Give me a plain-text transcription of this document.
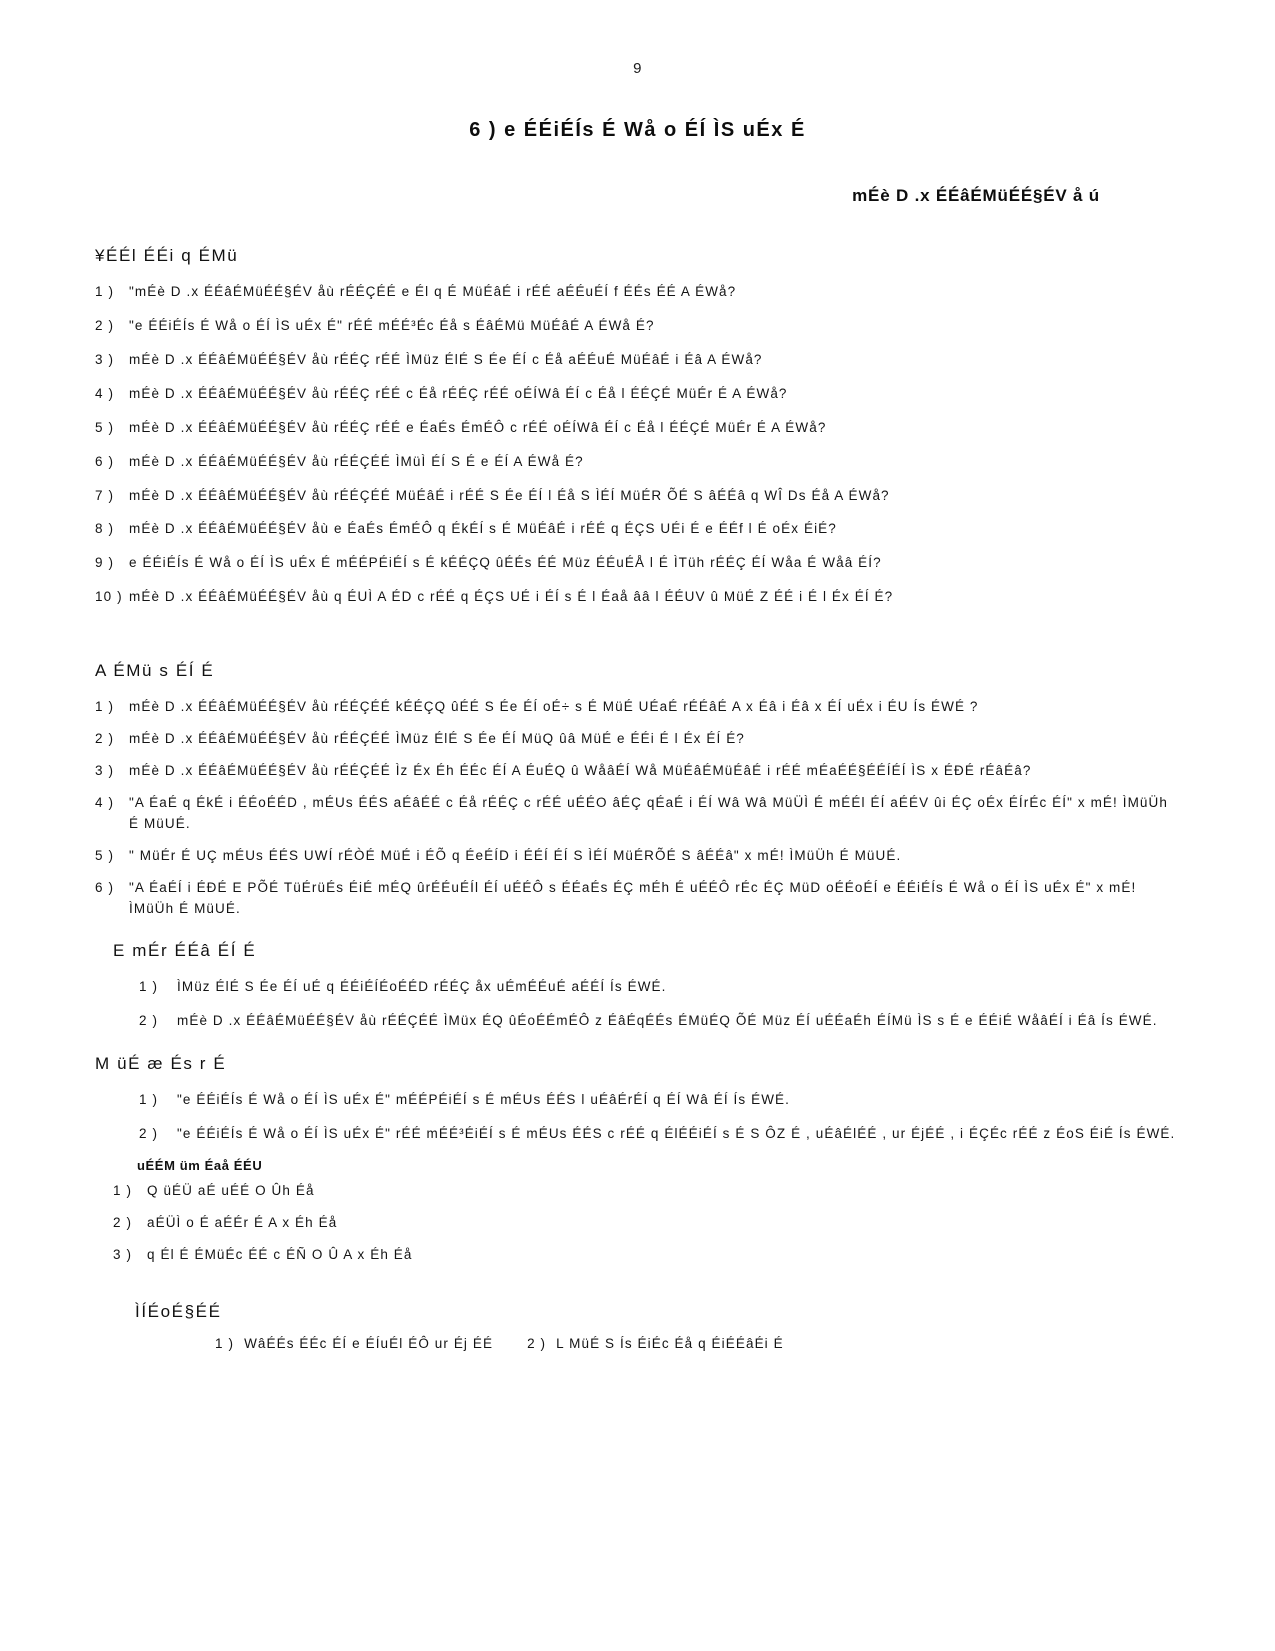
9
6 ) e ÉÉiÉÍs É Wå o ÉÍ ÌS uÉx É
mÉè D .x ÉÉâÉMüÉÉ§ÉV å ú
¥ÉÉl ÉÉi q ÉMü
1 )	"mÉè D .x ÉÉâÉMüÉÉ§ÉV åù rÉÉÇÉÉ e Él q É MüÉâÉ i rÉÉ aÉÉuÉÍ f ÉÉs ÉÉ A ÉWå?
2 )	"e ÉÉiÉÍs É Wå o ÉÍ ÌS uÉx É" rÉÉ mÉÉ³Éc Éå s ÉâÉMü MüÉâÉ A ÉWå É?
3 )	mÉè D .x ÉÉâÉMüÉÉ§ÉV åù rÉÉÇ rÉÉ ÌMüz ÉlÉ S Ée ÉÍ c Éå aÉÉuÉ MüÉâÉ i Éâ A ÉWå?
4 )	mÉè D .x ÉÉâÉMüÉÉ§ÉV åù rÉÉÇ rÉÉ c Éå rÉÉÇ rÉÉ oÉÍWâ ÉÍ c Éå l ÉÉÇÉ MüÉr É A ÉWå?
5 )	mÉè D .x ÉÉâÉMüÉÉ§ÉV åù rÉÉÇ rÉÉ e ÉaÉs ÉmÉÔ c rÉÉ oÉÍWâ ÉÍ c Éå l ÉÉÇÉ MüÉr É A ÉWå?
6 )	mÉè D .x ÉÉâÉMüÉÉ§ÉV åù rÉÉÇÉÉ ÌMüÌ ÉÍ S É e ÉÍ A ÉWå É?
7 )	mÉè D .x ÉÉâÉMüÉÉ§ÉV åù rÉÉÇÉÉ MüÉâÉ i rÉÉ S Ée ÉÍ l Éå S ÌÉÍ MüÉR ÕÉ S âÉÉâ q WÎ Ds Éå A ÉWå?
8 )	mÉè D .x ÉÉâÉMüÉÉ§ÉV åù e ÉaÉs ÉmÉÔ q ÉkÉÍ s É MüÉâÉ i rÉÉ q ÉÇS UÉi É e ÉÉf l É oÉx ÉiÉ?
9 )	e ÉÉiÉÍs É Wå o ÉÍ ÌS uÉx É mÉÉPÉiÉÍ s É kÉÉÇQ ûÉÉs ÉÉ Müz ÉÉuÉÅ l É ÌTüh rÉÉÇ ÉÍ Wåa É Wåâ ÉÍ?
10 ) mÉè D .x ÉÉâÉMüÉÉ§ÉV åù q ÉUÌ A ÉD c rÉÉ q ÉÇS UÉ i ÉÍ s É l Éaå ââ l ÉÉUV û MüÉ Z ÉÉ i É l Éx ÉÍ É?
A ÉMü s ÉÍ É
1 )	mÉè D .x ÉÉâÉMüÉÉ§ÉV åù rÉÉÇÉÉ kÉÉÇQ ûÉÉ S Ée ÉÍ oÉ÷ s É MüÉ UÉaÉ rÉÉâÉ A x Éâ i Éâ x ÉÍ uÉx i ÉU Ís ÉWÉ ?
2 )	mÉè D .x ÉÉâÉMüÉÉ§ÉV åù rÉÉÇÉÉ ÌMüz ÉlÉ S Ée ÉÍ MüQ ûâ MüÉ e ÉÉi É l Éx ÉÍ É?
3 )	mÉè D .x ÉÉâÉMüÉÉ§ÉV åù rÉÉÇÉÉ Ìz Éx Éh ÉÉc ÉÍ A ÉuÉQ û WåâÉÍ Wå MüÉâÉMüÉâÉ i rÉÉ mÉaÉÉ§ÉÉÍÉÍ ÌS x ÉÐÉ rÉâÉâ?
4 )	"A ÉaÉ q ÉkÉ i ÉÉoÉÉD , mÉUs ÉÉS aÉâÉÉ c Éå rÉÉÇ c rÉÉ uÉÉO âÉÇ qÉaÉ i ÉÍ Wâ Wâ MüÜÌ É mÉÉl ÉÍ aÉÉV ûi ÉÇ oÉx ÉÍrÉc ÉÍ" x mÉ! ÌMüÜh É MüUÉ.
5 )	" MüÉr É UÇ mÉUs ÉÉS UWÍ rÉÒÉ MüÉ i ÉÕ q ÉeÉÍD i ÉÉÍ ÉÍ S ÌÉÍ MüÉRÕÉ S âÉÉâ" x mÉ! ÌMüÜh É MüUÉ.
6 )	"A ÉaÉÍ i ÉÐÉ E PÕÉ TüÉrüÉs ÉiÉ mÉQ ûrÉÉuÉÍl ÉÍ uÉÉÔ s ÉÉaÉs ÉÇ mÉh É uÉÉÔ rÉc ÉÇ MüD oÉÉoÉÍ e ÉÉiÉÍs É Wå o ÉÍ ÌS uÉx É" x mÉ! ÌMüÜh É MüUÉ.
E mÉr ÉÉâ ÉÍ É
1 )	ÌMüz ÉlÉ S Ée ÉÍ uÉ q ÉÉiÉÍÉoÉÉD rÉÉÇ åx uÉmÉÉuÉ aÉÉÍ Ís ÉWÉ.
2 )	mÉè D .x ÉÉâÉMüÉÉ§ÉV åù rÉÉÇÉÉ ÌMüx ÉQ ûÉoÉÉmÉÔ z ÉâÉqÉÉs ÉMüÉQ ÕÉ Müz ÉÍ uÉÉaÉh ÉÍMü ÌS s É e ÉÉiÉ WåâÉÍ i Éâ Ís ÉWÉ.
M üÉ æ És r É
1 )	"e ÉÉiÉÍs É Wå o ÉÍ ÌS uÉx É" mÉÉPÉiÉÍ s É mÉUs ÉÉS l uÉâÉrÉÍ q ÉÍ Wâ ÉÍ Ís ÉWÉ.
2 )	"e ÉÉiÉÍs É Wå o ÉÍ ÌS uÉx É" rÉÉ mÉÉ³ÉiÉÍ s É mÉUs ÉÉS c rÉÉ q ÉlÉÉiÉÍ s É S ÔZ É , uÉâÉlÉÉ , ur ÉjÉÉ , i ÉÇÉc rÉÉ z ÉoS ÉiÉ Ís ÉWÉ.
uÉÉM üm Éaå ÉÉU
1 )	Q üÉÜ aÉ uÉÉ O Ûh Éå
2 )	aÉÜÌ o É aÉÉr É A x Éh Éå
3 )	q Él É ÉMüÉc ÉÉ c ÉÑ O Û A x Éh Éå
ÌÍÉoÉ§ÉÉ
1 ) WâÉÉs ÉÉc ÉÍ e ÉÍuÉl ÉÔ ur Éj ÉÉ	2 ) L MüÉ S Ís ÉiÉc Éå q ÉiÉÉâÉi É
